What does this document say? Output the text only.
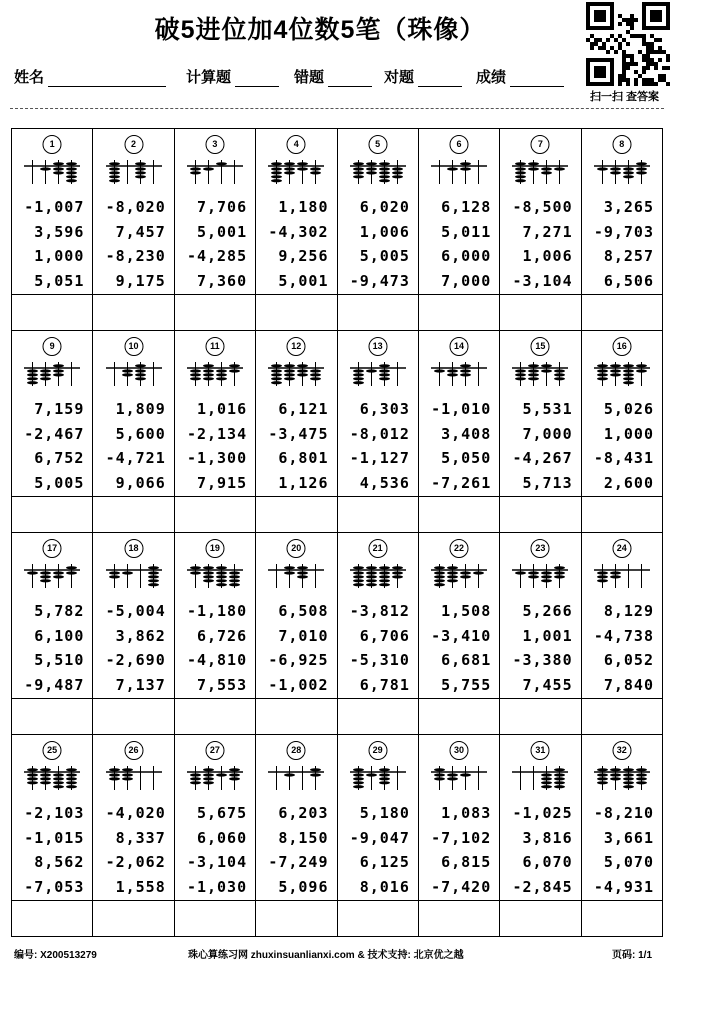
破5进位加4位数5笔（珠像）
扫一扫 查答案
姓名	计算题	错题	对题	成绩
1
-1,007
3,596
1,000
5,051
2
-8,020
7,457
-8,230
9,175
3
7,706
5,001
-4,285
7,360
4
1,180
-4,302
9,256
5,001
5
6,020
1,006
5,005
-9,473
6
6,128
5,011
6,000
7,000
7
-8,500
7,271
1,006
-3,104
8
3,265
-9,703
8,257
6,506
9
7,159
-2,467
6,752
5,005
10
1,809
5,600
-4,721
9,066
11
1,016
-2,134
-1,300
7,915
12
6,121
-3,475
6,801
1,126
13
6,303
-8,012
-1,127
4,536
14
-1,010
3,408
5,050
-7,261
15
5,531
7,000
-4,267
5,713
16
5,026
1,000
-8,431
2,600
17
5,782
6,100
5,510
-9,487
18
-5,004
3,862
-2,690
7,137
19
-1,180
6,726
-4,810
7,553
20
6,508
7,010
-6,925
-1,002
21
-3,812
6,706
-5,310
6,781
22
1,508
-3,410
6,681
5,755
23
5,266
1,001
-3,380
7,455
24
8,129
-4,738
6,052
7,840
25
-2,103
-1,015
8,562
-7,053
26
-4,020
8,337
-2,062
1,558
27
5,675
6,060
-3,104
-1,030
28
6,203
8,150
-7,249
5,096
29
5,180
-9,047
6,125
8,016
30
1,083
-7,102
6,815
-7,420
31
-1,025
3,816
6,070
-2,845
32
-8,210
3,661
5,070
-4,931
编号: X200513279	珠心算练习网 zhuxinsuanlianxi.com & 技术支持: 北京优之越	页码: 1/1
